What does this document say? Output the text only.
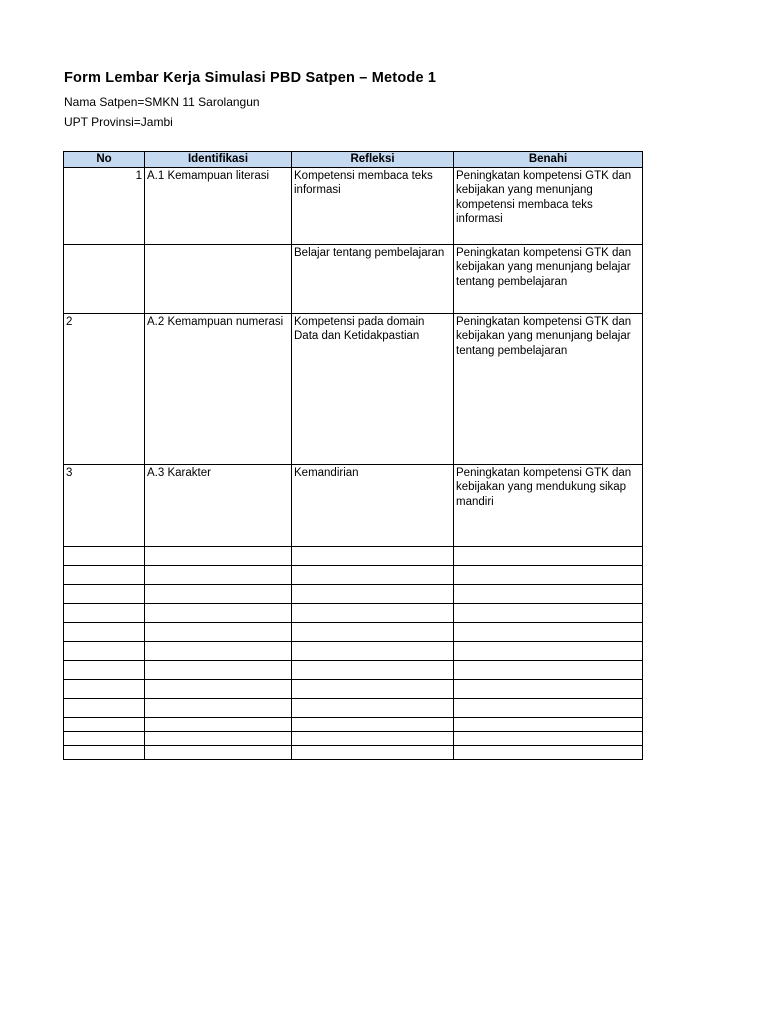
Form Lembar Kerja Simulasi PBD Satpen – Metode 1
Nama Satpen=SMKN 11 Sarolangun
UPT Provinsi=Jambi
No	Identifikasi	Refleksi	Benahi
1	A.1 Kemampuan literasi	Kompetensi membaca teks informasi	Peningkatan kompetensi GTK dan kebijakan yang menunjang kompetensi membaca teks informasi
		Belajar tentang pembelajaran	Peningkatan kompetensi GTK dan kebijakan yang menunjang belajar tentang pembelajaran
2	A.2 Kemampuan numerasi	Kompetensi pada domain Data dan Ketidakpastian	Peningkatan kompetensi GTK dan kebijakan yang menunjang belajar tentang pembelajaran
3	A.3 Karakter	Kemandirian	Peningkatan kompetensi GTK dan kebijakan yang mendukung sikap mandiri
